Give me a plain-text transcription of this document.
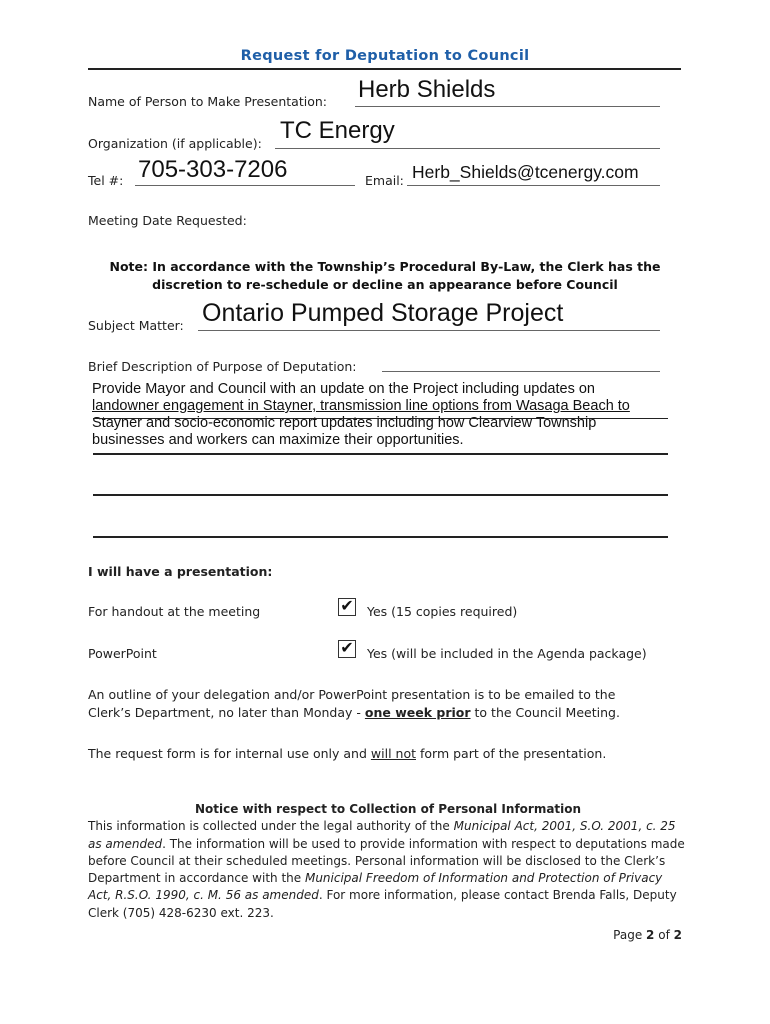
Request for Deputation to Council
Name of Person to Make Presentation: Herb Shields
Organization (if applicable): TC Energy
Tel #: 705-303-7206	Email: Herb_Shields@tcenergy.com
Meeting Date Requested:
Note: In accordance with the Township’s Procedural By-Law, the Clerk has the
discretion to re-schedule or decline an appearance before Council
Subject Matter: Ontario Pumped Storage Project
Brief Description of Purpose of Deputation:
Provide Mayor and Council with an update on the Project including updates on
landowner engagement in Stayner, transmission line options from Wasaga Beach to
Stayner and socio-economic report updates including how Clearview Township
businesses and workers can maximize their opportunities.
I will have a presentation:
For handout at the meeting	✔ Yes (15 copies required)
PowerPoint	✔ Yes (will be included in the Agenda package)
An outline of your delegation and/or PowerPoint presentation is to be emailed to the
Clerk’s Department, no later than Monday - one week prior to the Council Meeting.
The request form is for internal use only and will not form part of the presentation.
Notice with respect to Collection of Personal Information
This information is collected under the legal authority of the Municipal Act, 2001, S.O. 2001, c. 25 as amended. The information will be used to provide information with respect to deputations made before Council at their scheduled meetings. Personal information will be disclosed to the Clerk’s Department in accordance with the Municipal Freedom of Information and Protection of Privacy Act, R.S.O. 1990, c. M. 56 as amended. For more information, please contact Brenda Falls, Deputy Clerk (705) 428-6230 ext. 223.
Page 2 of 2
